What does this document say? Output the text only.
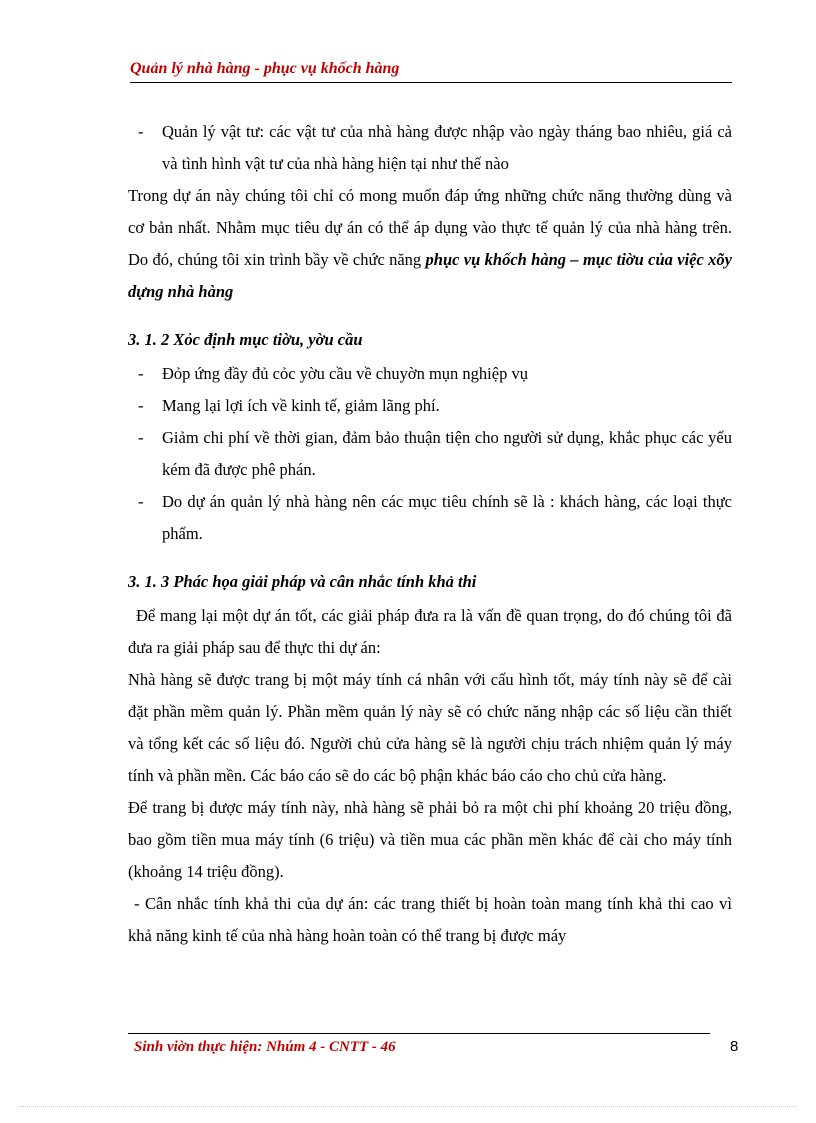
Quản lý nhà hàng - phục vụ khốch hàng
-	Quản lý vật tư: các vật tư của nhà hàng được nhập vào ngày tháng bao nhiêu, giá cả và tình hình vật tư của nhà hàng hiện tại như thế nào

Trong dự án này chúng tôi chỉ có mong muốn đáp ứng những chức năng thường dùng và cơ bản nhất. Nhằm mục tiêu dự án có thể áp dụng vào thực tế quản lý của nhà hàng trên. Do đó, chúng tôi xin trình bầy về chức năng phục vụ khốch hàng – mục tiờu của việc xõy dựng nhà hàng

3. 1. 2 Xỏc định mục tiờu, yờu cầu
-	Đỏp ứng đầy đủ cỏc yờu cầu về chuyờn mụn nghiệp vụ
-	Mang lại lợi ích về kinh tế, giảm lãng phí.
-	Giảm chi phí về thời gian, đảm bảo thuận tiện cho người sử dụng, khắc phục các yếu kém đã được phê phán.
-	Do dự án quản lý nhà hàng nên các mục tiêu chính sẽ là : khách hàng, các loại thực phẩm.
3. 1. 3 Phác họa giải pháp và cân nhắc tính khả thi

Để mang lại một dự án tốt, các giải pháp đưa ra là vấn đề quan trọng, do đó chúng tôi đã đưa ra giải pháp sau để thực thi dự án:

Nhà hàng sẽ được trang bị một máy tính cá nhân với cấu hình tốt, máy tính này sẽ để cài đặt phần mềm quản lý. Phần mềm quản lý này sẽ có chức năng nhập các số liệu cần thiết và tổng kết các số liệu đó. Người chủ cửa hàng sẽ là người chịu trách nhiệm quản lý máy tính và phần mền. Các báo cáo sẽ do các bộ phận khác báo cáo cho chủ cửa hàng.

Để trang bị được máy tính này, nhà hàng sẽ phải bỏ ra một chi phí khoảng 20 triệu đồng, bao gồm tiền mua máy tính (6 triệu) và tiền mua các phần mền khác để cài cho máy tính (khoảng 14 triệu đồng).

- Cân nhắc tính khả thi của dự án: các trang thiết bị hoàn toàn mang tính khả thi cao vì khả năng kinh tế của nhà hàng hoàn toàn có thể trang bị được máy

Sinh viờn thực hiện: Nhúm 4 - CNTT - 46	8
